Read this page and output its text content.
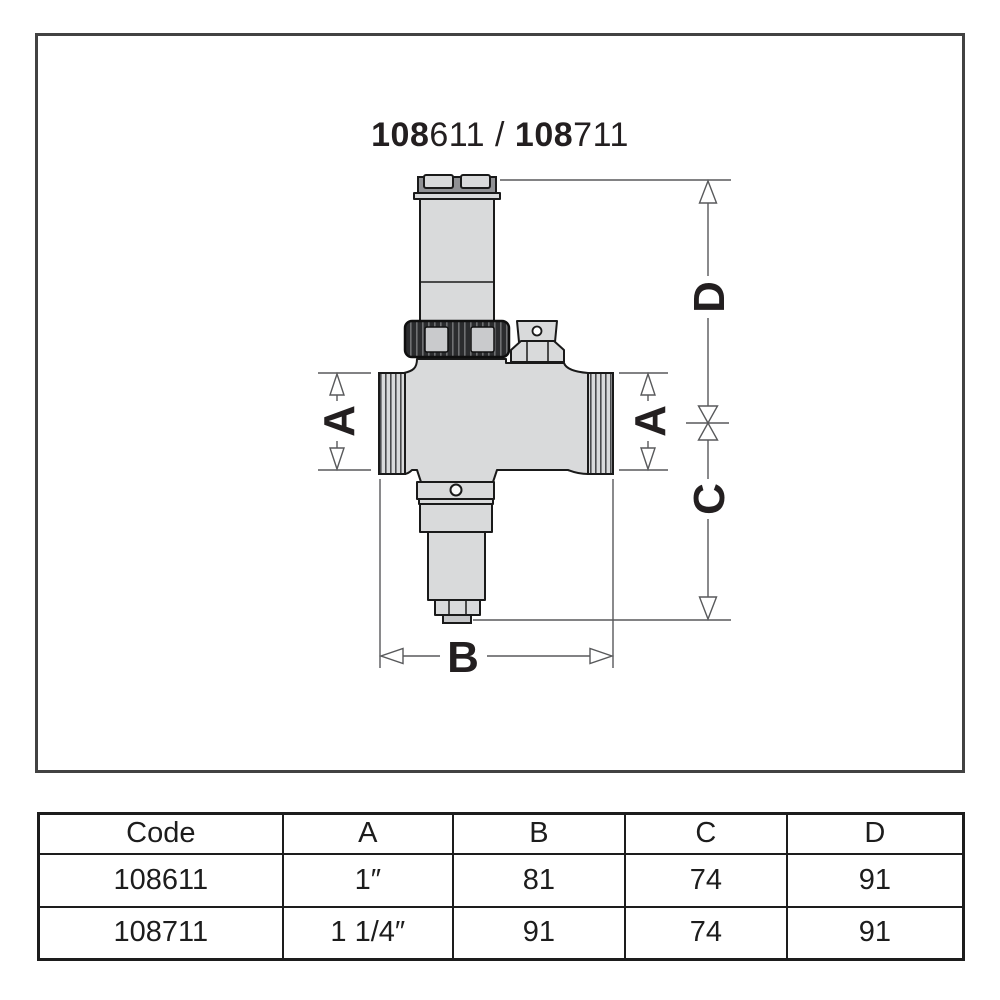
108611 / 108711
D
C
A	A
B
Code	A	B	C	D
108611	1″	81	74	91
108711	1 1/4″	91	74	91
